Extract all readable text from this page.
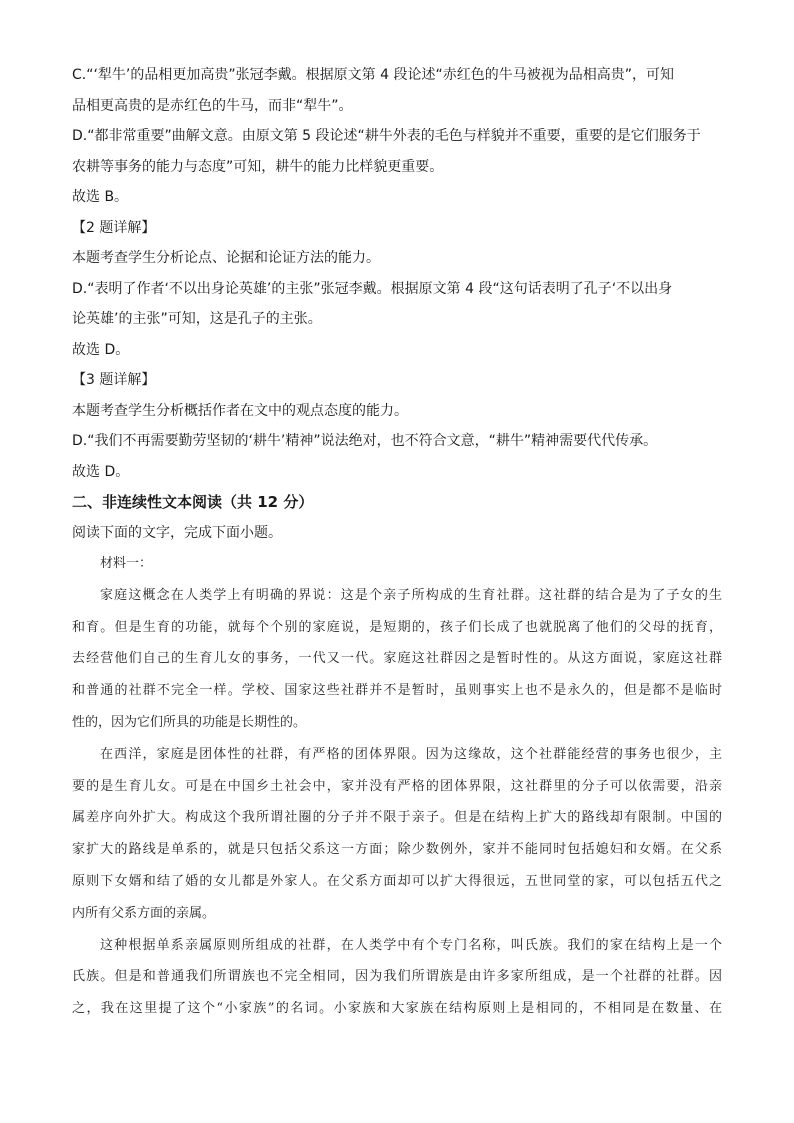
C.“‘犁牛’的品相更加高贵”张冠李戴。根据原文第 4 段论述“赤红色的牛马被视为品相高贵”，可知
品相更高贵的是赤红色的牛马，而非“犁牛”。
D.“都非常重要”曲解文意。由原文第 5 段论述“耕牛外表的毛色与样貌并不重要，重要的是它们服务于
农耕等事务的能力与态度”可知，耕牛的能力比样貌更重要。
故选 B。
【2 题详解】
本题考查学生分析论点、论据和论证方法的能力。
D.“表明了作者‘不以出身论英雄’的主张”张冠李戴。根据原文第 4 段“这句话表明了孔子‘不以出身
论英雄’的主张”可知，这是孔子的主张。
故选 D。
【3 题详解】
本题考查学生分析概括作者在文中的观点态度的能力。
D.“我们不再需要勤劳坚韧的‘耕牛’精神”说法绝对，也不符合文意，“耕牛”精神需要代代传承。
故选 D。
二、非连续性文本阅读（共 12 分）
阅读下面的文字，完成下面小题。
材料一：
家庭这概念在人类学上有明确的界说：这是个亲子所构成的生育社群。这社群的结合是为了子女的生
和育。但是生育的功能，就每个个别的家庭说，是短期的，孩子们长成了也就脱离了他们的父母的抚育，
去经营他们自己的生育儿女的事务，一代又一代。家庭这社群因之是暂时性的。从这方面说，家庭这社群
和普通的社群不完全一样。学校、国家这些社群并不是暂时，虽则事实上也不是永久的，但是都不是临时
性的，因为它们所具的功能是长期性的。
在西洋，家庭是团体性的社群，有严格的团体界限。因为这缘故，这个社群能经营的事务也很少，主
要的是生育儿女。可是在中国乡土社会中，家并没有严格的团体界限，这社群里的分子可以依需要，沿亲
属差序向外扩大。构成这个我所谓社圈的分子并不限于亲子。但是在结构上扩大的路线却有限制。中国的
家扩大的路线是单系的，就是只包括父系这一方面；除少数例外，家并不能同时包括媳妇和女婿。在父系
原则下女婿和结了婚的女儿都是外家人。在父系方面却可以扩大得很远，五世同堂的家，可以包括五代之
内所有父系方面的亲属。
这种根据单系亲属原则所组成的社群，在人类学中有个专门名称，叫氏族。我们的家在结构上是一个
氏族。但是和普通我们所谓族也不完全相同，因为我们所谓族是由许多家所组成，是一个社群的社群。因
之，我在这里提了这个“小家族”的名词。小家族和大家族在结构原则上是相同的，不相同是在数量、在
